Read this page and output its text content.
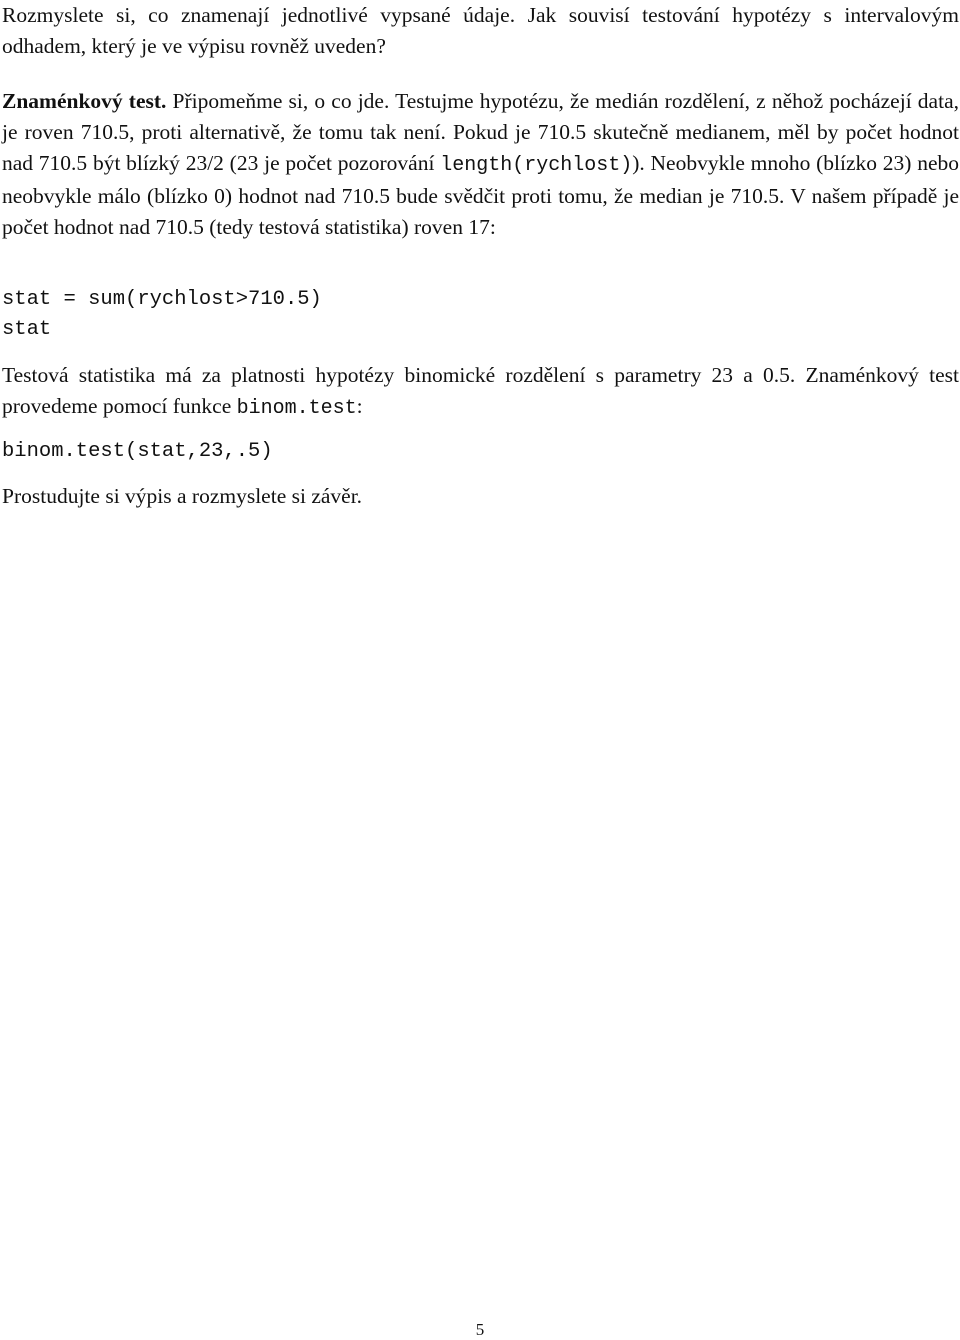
Rozmyslete si, co znamenají jednotlivé vypsané údaje. Jak souvisí testování hypotézy s intervalovým odhadem, který je ve výpisu rovněž uveden?

Znaménkový test. Připomeňme si, o co jde. Testujme hypotézu, že medián rozdělení, z něhož pocházejí data, je roven 710.5, proti alternativě, že tomu tak není. Pokud je 710.5 skutečně medianem, měl by počet hodnot nad 710.5 být blízký 23/2 (23 je počet pozorování length(rychlost)). Neobvykle mnoho (blízko 23) nebo neobvykle málo (blízko 0) hodnot nad 710.5 bude svědčit proti tomu, že median je 710.5. V našem případě je počet hodnot nad 710.5 (tedy testová statistika) roven 17:

stat = sum(rychlost>710.5)
stat

Testová statistika má za platnosti hypotézy binomické rozdělení s parametry 23 a 0.5. Znaménkový test provedeme pomocí funkce binom.test:

binom.test(stat,23,.5)

Prostudujte si výpis a rozmyslete si závěr.

5
